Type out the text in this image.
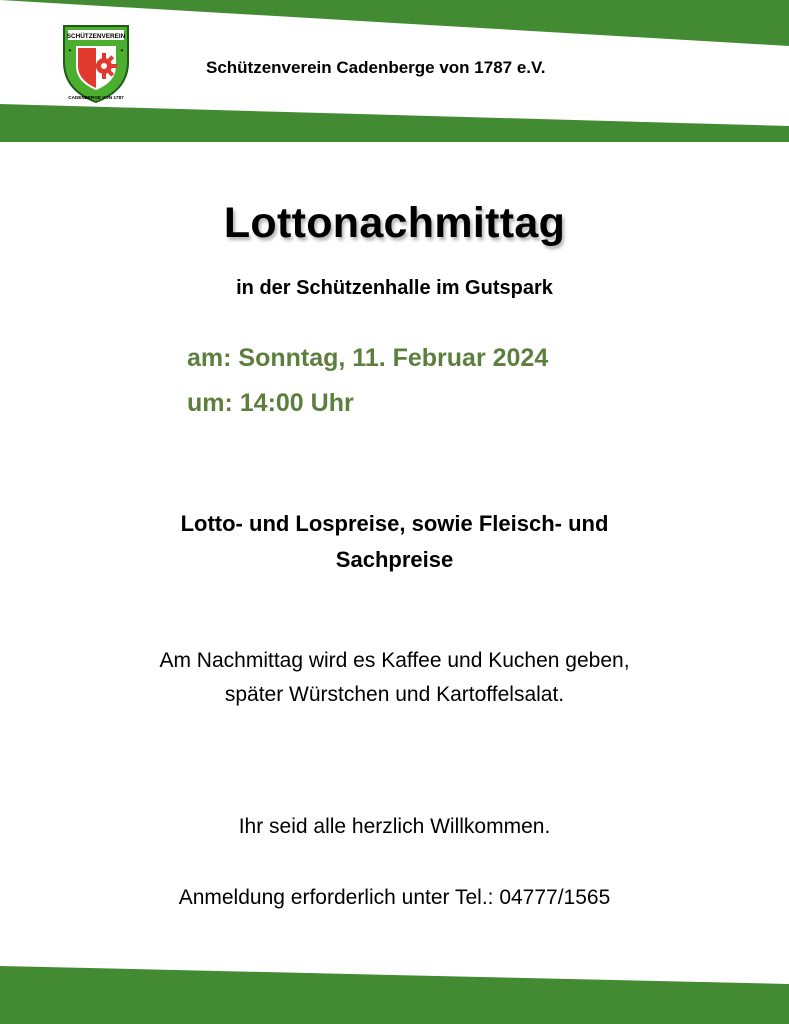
SCHÜTZENVEREIN
✦	✦
CADENBERGE VON 1787
Schützenverein Cadenberge von 1787 e.V.
Lottonachmittag
in der Schützenhalle im Gutspark
am: Sonntag, 11. Februar 2024
um: 14:00 Uhr
Lotto- und Lospreise, sowie Fleisch- und
Sachpreise
Am Nachmittag wird es Kaffee und Kuchen geben,
später Würstchen und Kartoffelsalat.
Ihr seid alle herzlich Willkommen.
Anmeldung erforderlich unter Tel.: 04777/1565
